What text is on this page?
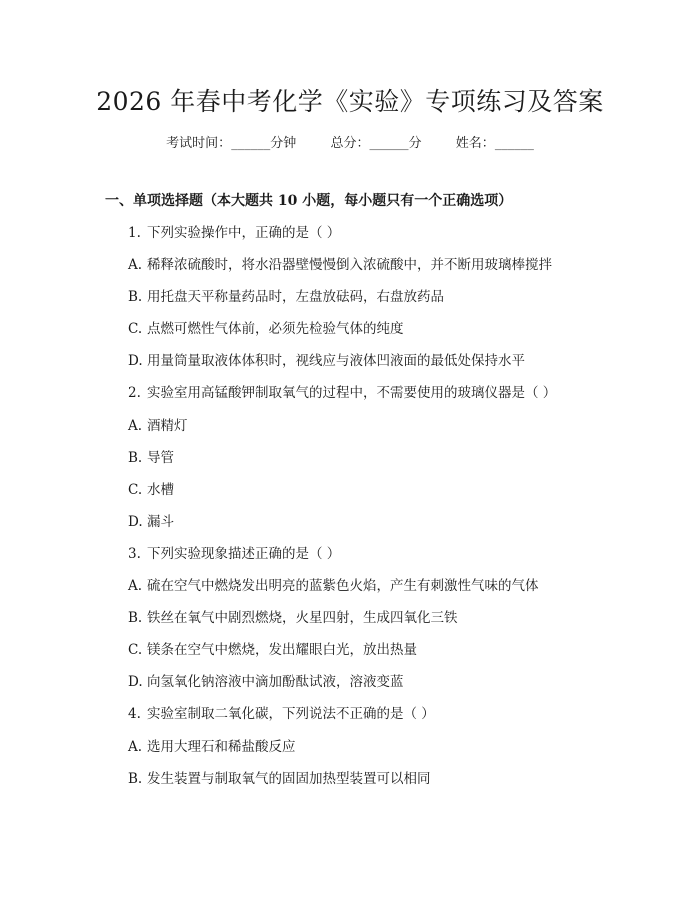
2026 年春中考化学《实验》专项练习及答案
考试时间：______分钟	总分：______分	姓名：______
一、单项选择题（本大题共 10 小题，每小题只有一个正确选项）
1. 下列实验操作中，正确的是（ ）
A. 稀释浓硫酸时，将水沿器壁慢慢倒入浓硫酸中，并不断用玻璃棒搅拌
B. 用托盘天平称量药品时，左盘放砝码，右盘放药品
C. 点燃可燃性气体前，必须先检验气体的纯度
D. 用量筒量取液体体积时，视线应与液体凹液面的最低处保持水平
2. 实验室用高锰酸钾制取氧气的过程中，不需要使用的玻璃仪器是（ ）
A. 酒精灯
B. 导管
C. 水槽
D. 漏斗
3. 下列实验现象描述正确的是（ ）
A. 硫在空气中燃烧发出明亮的蓝紫色火焰，产生有刺激性气味的气体
B. 铁丝在氧气中剧烈燃烧，火星四射，生成四氧化三铁
C. 镁条在空气中燃烧，发出耀眼白光，放出热量
D. 向氢氧化钠溶液中滴加酚酞试液，溶液变蓝
4. 实验室制取二氧化碳，下列说法不正确的是（ ）
A. 选用大理石和稀盐酸反应
B. 发生装置与制取氧气的固固加热型装置可以相同
